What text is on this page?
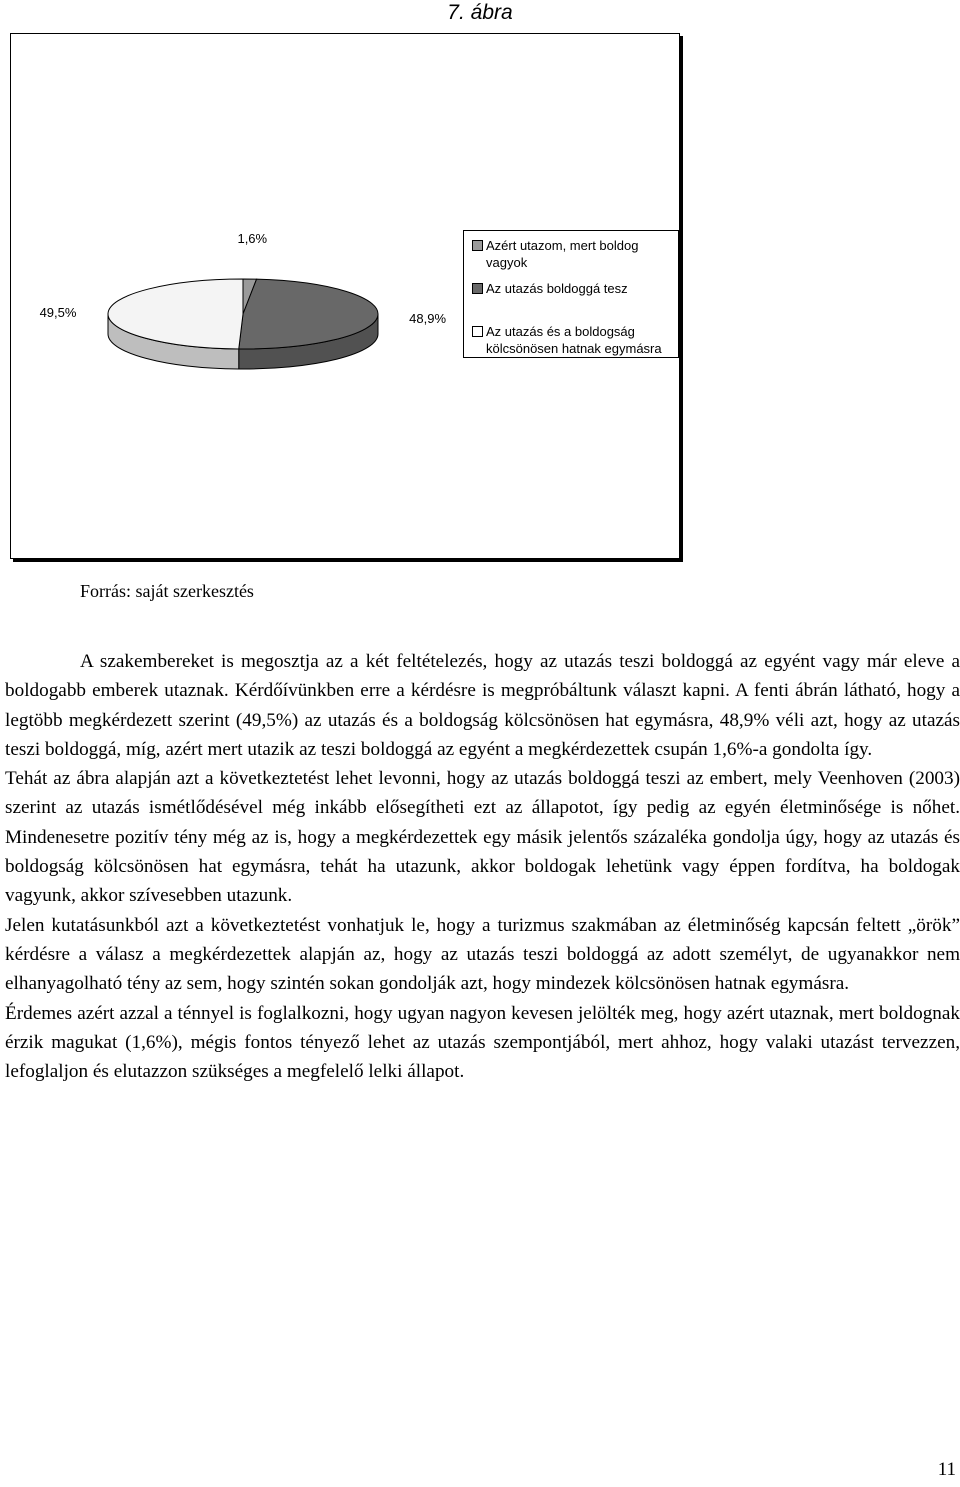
7. ábra
1,6%
48,9%
49,5%
Azért utazom, mert boldog vagyok
Az utazás boldoggá tesz
Az utazás és a boldogság kölcsönösen hatnak egymásra
Forrás: saját szerkesztés

A szakembereket is megosztja az a két feltételezés, hogy az utazás teszi boldoggá az egyént vagy már eleve a boldogabb emberek utaznak. Kérdőívünkben erre a kérdésre is megpróbáltunk választ kapni. A fenti ábrán látható, hogy a legtöbb megkérdezett szerint (49,5%) az utazás és a boldogság kölcsönösen hat egymásra, 48,9% véli azt, hogy az utazás teszi boldoggá, míg, azért mert utazik az teszi boldoggá az egyént a megkérdezettek csupán 1,6%-a gondolta így.

Tehát az ábra alapján azt a következtetést lehet levonni, hogy az utazás boldoggá teszi az embert, mely Veenhoven (2003) szerint az utazás ismétlődésével még inkább elősegítheti ezt az állapotot, így pedig az egyén életminősége is nőhet. Mindenesetre pozitív tény még az is, hogy a megkérdezettek egy másik jelentős százaléka gondolja úgy, hogy az utazás és boldogság kölcsönösen hat egymásra, tehát ha utazunk, akkor boldogak lehetünk vagy éppen fordítva, ha boldogak vagyunk, akkor szívesebben utazunk.

Jelen kutatásunkból azt a következtetést vonhatjuk le, hogy a turizmus szakmában az életminőség kapcsán feltett „örök” kérdésre a válasz a megkérdezettek alapján az, hogy az utazás teszi boldoggá az adott személyt, de ugyanakkor nem elhanyagolható tény az sem, hogy szintén sokan gondolják azt, hogy mindezek kölcsönösen hatnak egymásra.

Érdemes azért azzal a ténnyel is foglalkozni, hogy ugyan nagyon kevesen jelölték meg, hogy azért utaznak, mert boldognak érzik magukat (1,6%), mégis fontos tényező lehet az utazás szempontjából, mert ahhoz, hogy valaki utazást tervezzen, lefoglaljon és elutazzon szükséges a megfelelő lelki állapot.

11
